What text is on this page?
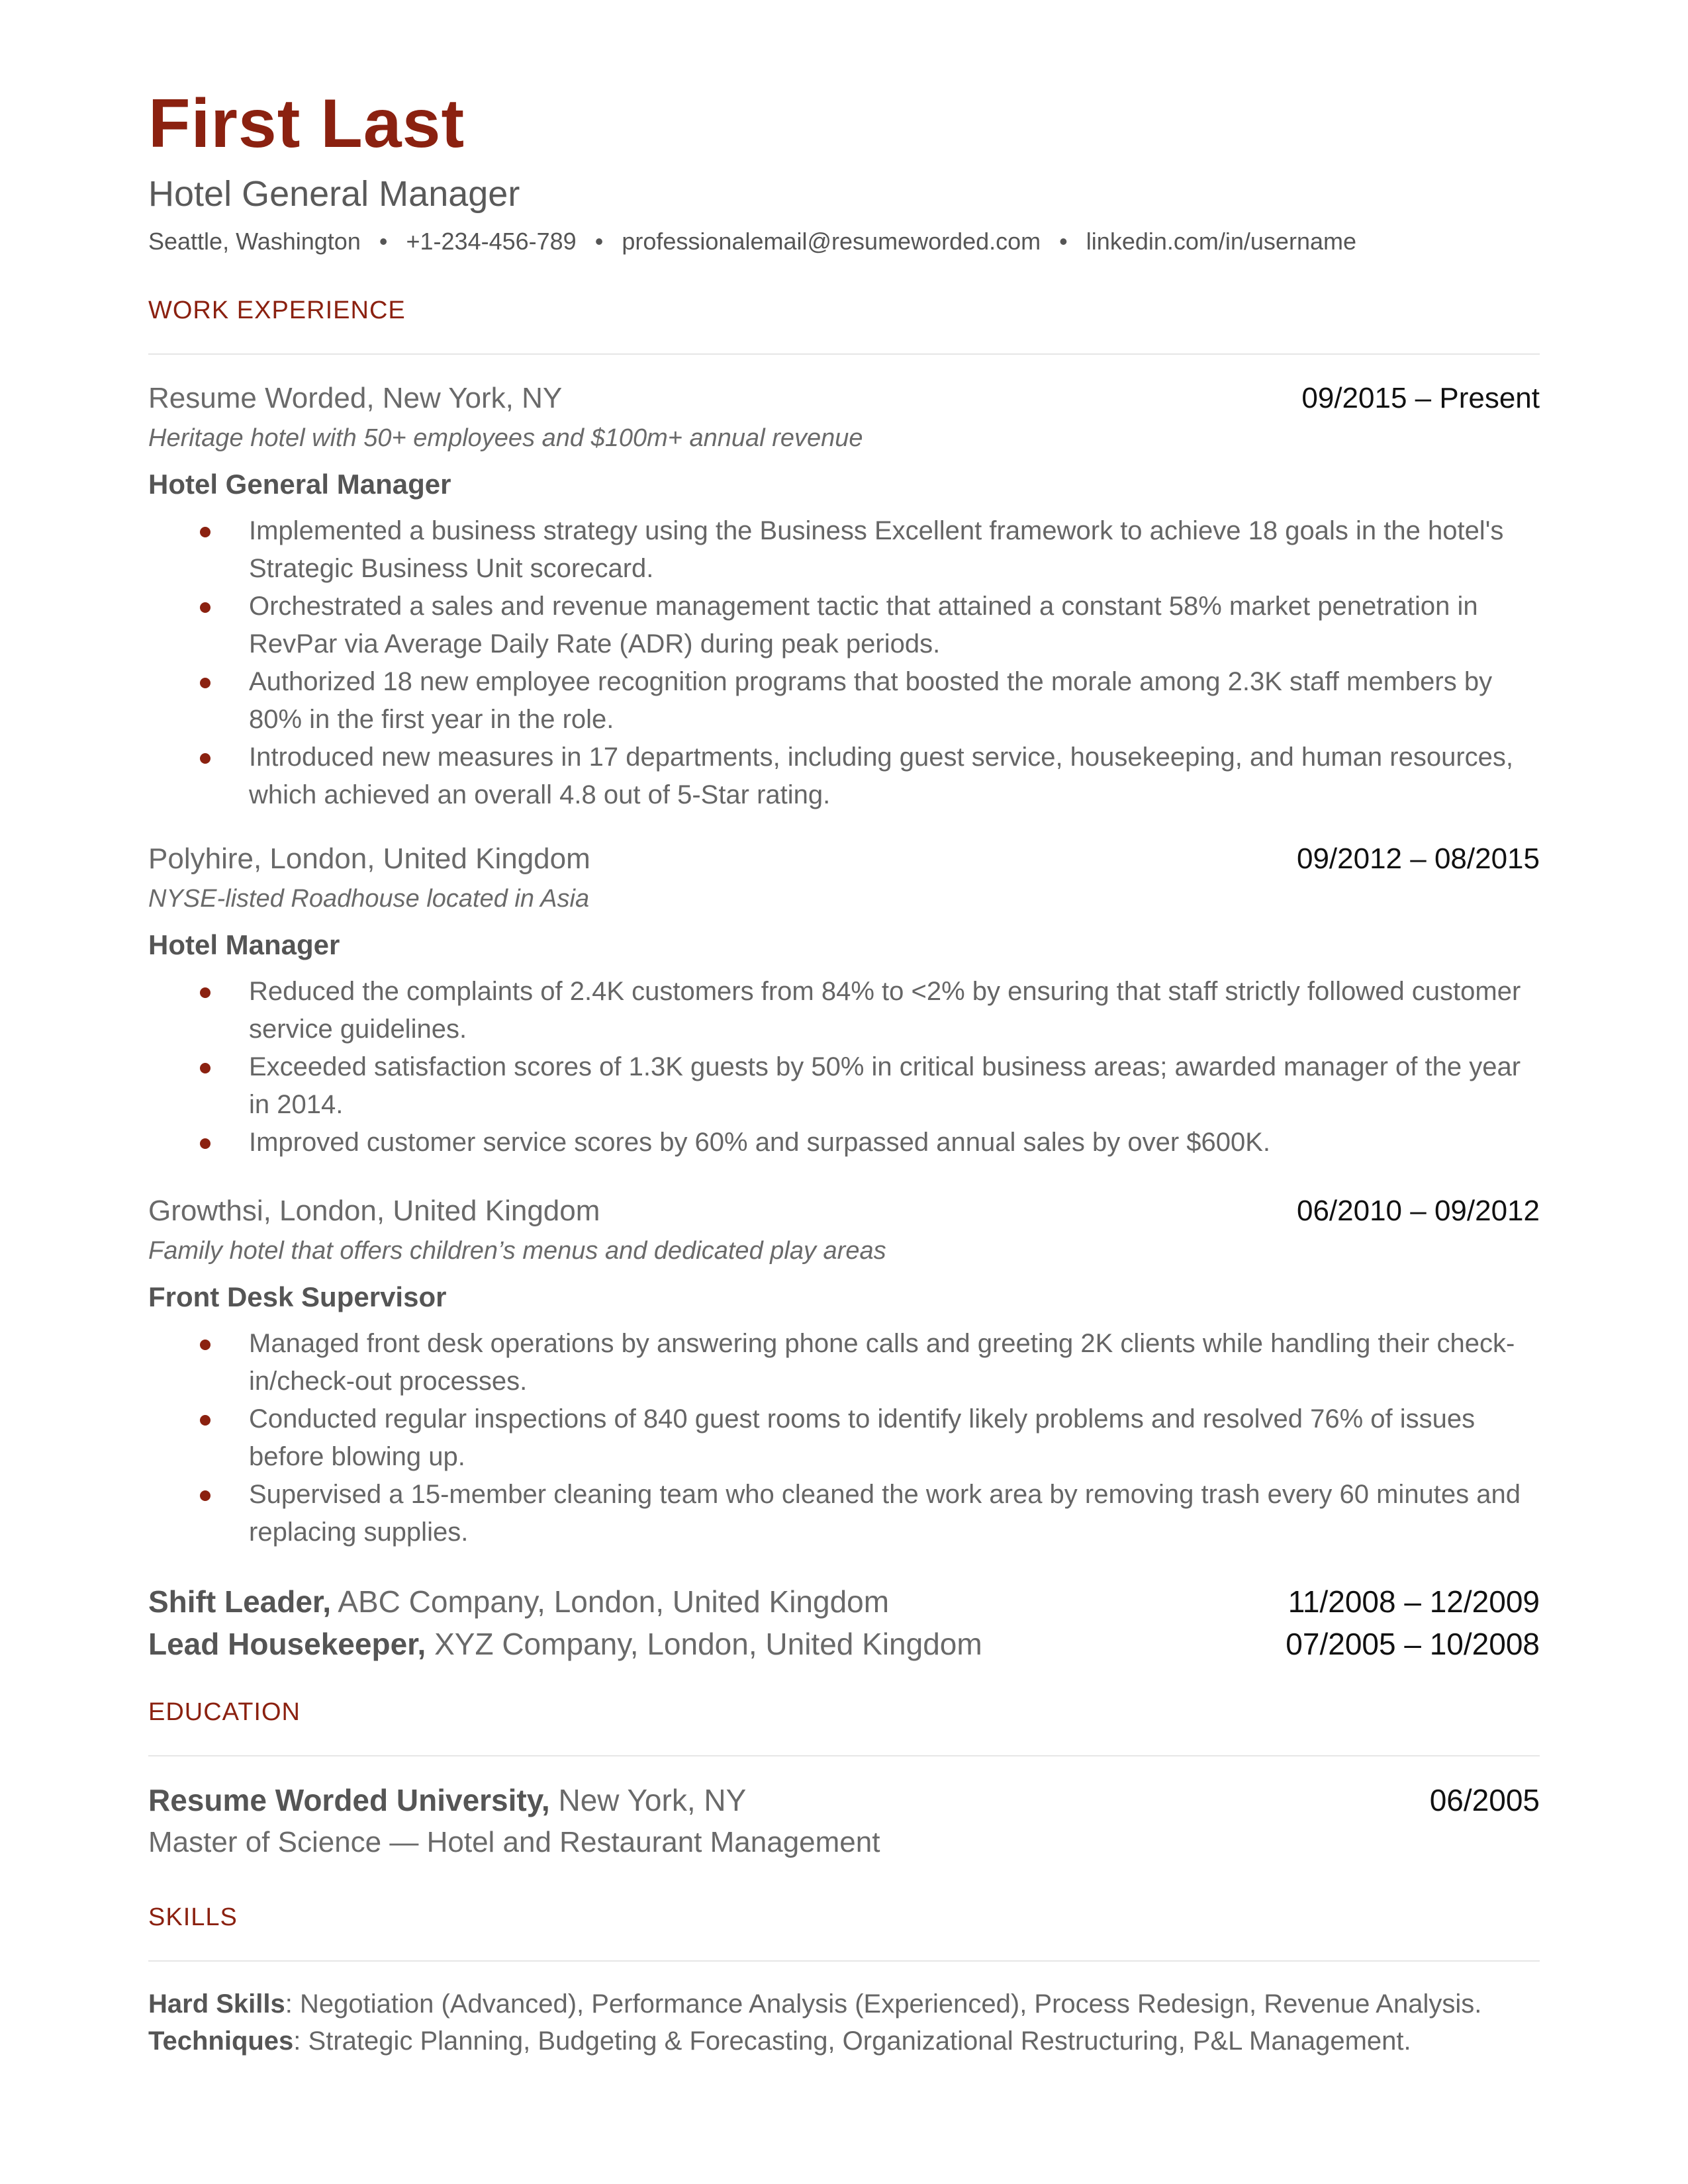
First Last
Hotel General Manager
Seattle, Washington • +1-234-456-789 • professionalemail@resumeworded.com • linkedin.com/in/username
WORK EXPERIENCE
Resume Worded, New York, NY	09/2015 – Present
Heritage hotel with 50+ employees and $100m+ annual revenue
Hotel General Manager
Implemented a business strategy using the Business Excellent framework to achieve 18 goals in the hotel's Strategic Business Unit scorecard.
Orchestrated a sales and revenue management tactic that attained a constant 58% market penetration in RevPar via Average Daily Rate (ADR) during peak periods.
Authorized 18 new employee recognition programs that boosted the morale among 2.3K staff members by 80% in the first year in the role.
Introduced new measures in 17 departments, including guest service, housekeeping, and human resources, which achieved an overall 4.8 out of 5-Star rating.
Polyhire, London, United Kingdom	09/2012 – 08/2015
NYSE-listed Roadhouse located in Asia
Hotel Manager
Reduced the complaints of 2.4K customers from 84% to <2% by ensuring that staff strictly followed customer service guidelines.
Exceeded satisfaction scores of 1.3K guests by 50% in critical business areas; awarded manager of the year in 2014.
Improved customer service scores by 60% and surpassed annual sales by over $600K.
Growthsi, London, United Kingdom	06/2010 – 09/2012
Family hotel that offers children’s menus and dedicated play areas
Front Desk Supervisor
Managed front desk operations by answering phone calls and greeting 2K clients while handling their check-in/check-out processes.
Conducted regular inspections of 840 guest rooms to identify likely problems and resolved 76% of issues before blowing up.
Supervised a 15-member cleaning team who cleaned the work area by removing trash every 60 minutes and replacing supplies.
Shift Leader, ABC Company, London, United Kingdom	11/2008 – 12/2009
Lead Housekeeper, XYZ Company, London, United Kingdom	07/2005 – 10/2008
EDUCATION
Resume Worded University, New York, NY	06/2005
Master of Science — Hotel and Restaurant Management
SKILLS
Hard Skills: Negotiation (Advanced), Performance Analysis (Experienced), Process Redesign, Revenue Analysis.
Techniques: Strategic Planning, Budgeting & Forecasting, Organizational Restructuring, P&L Management.
